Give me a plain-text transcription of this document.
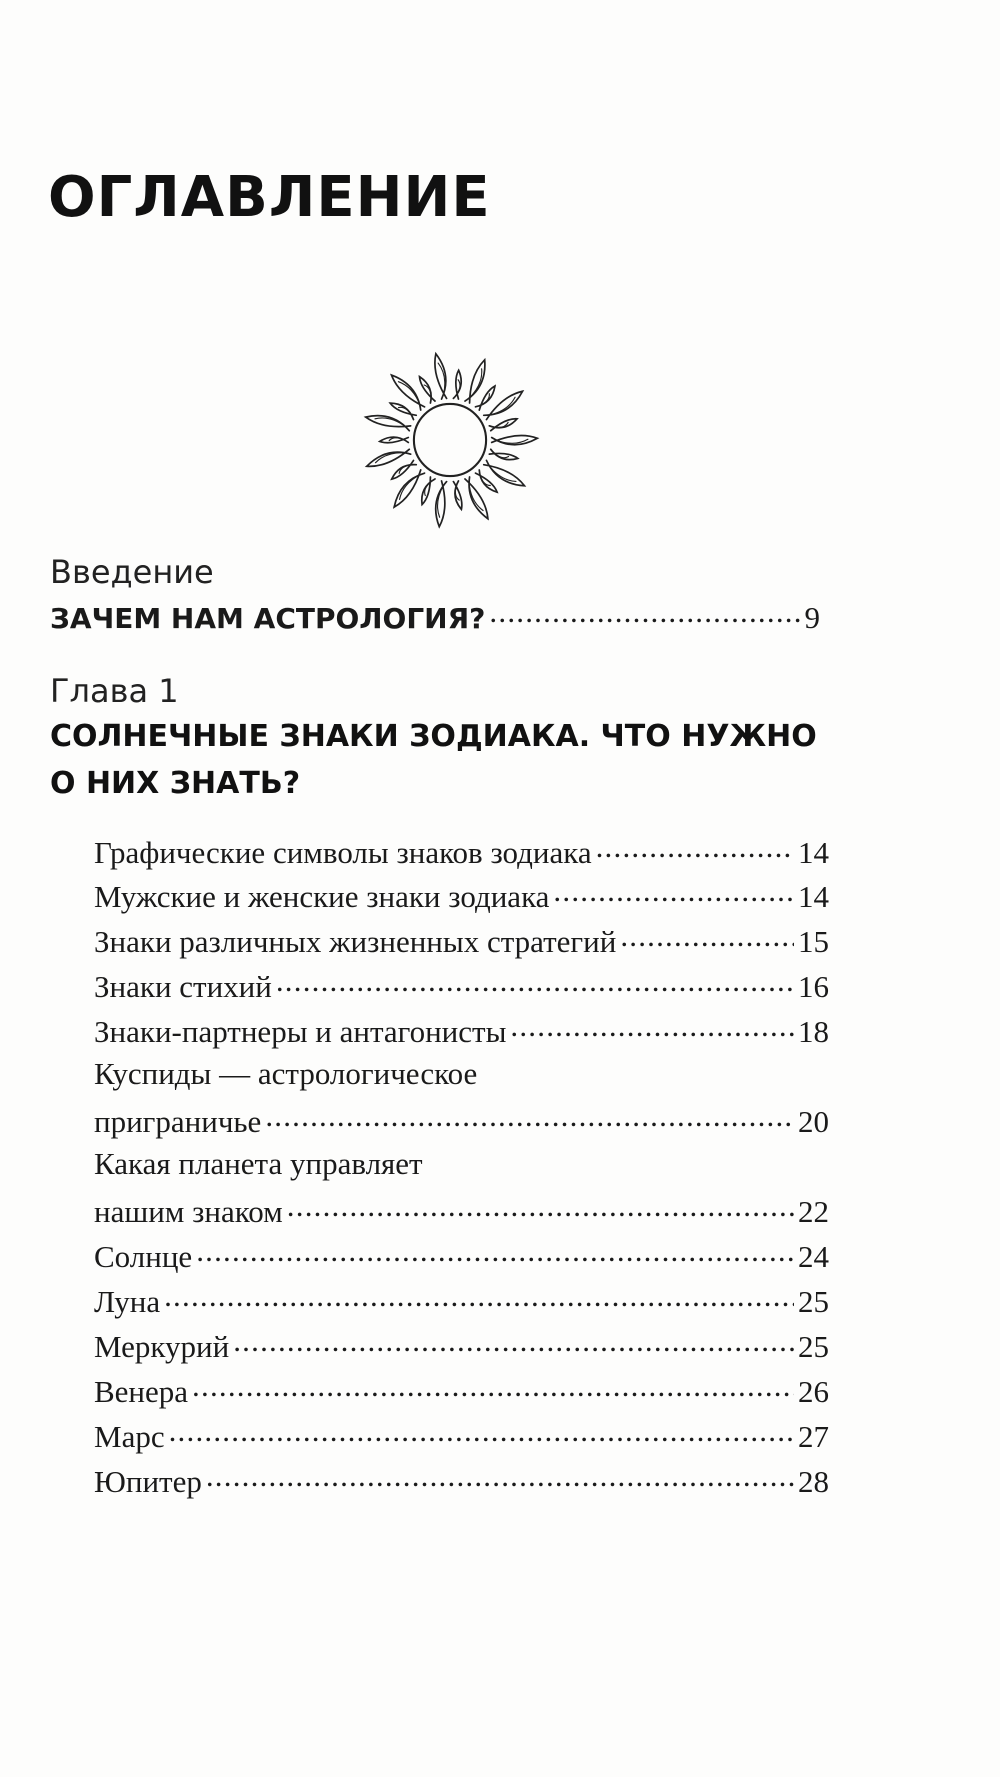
ОГЛАВЛЕНИЕ
Введение
ЗАЧЕМ НАМ АСТРОЛОГИЯ? .....	9
Глава 1
СОЛНЕЧНЫЕ ЗНАКИ ЗОДИАКА. ЧТО НУЖНО
О НИХ ЗНАТЬ?
Графические символы знаков зодиака .....	14
Мужские и женские знаки зодиака .....	14
Знаки различных жизненных стратегий .....	15
Знаки стихий .....	16
Знаки-партнеры и антагонисты .....	18
Куспиды — астрологическое
приграничье .....	20
Какая планета управляет
нашим знаком .....	22
Солнце .....	24
Луна .....	25
Меркурий .....	25
Венера .....	26
Марс .....	27
Юпитер .....	28
